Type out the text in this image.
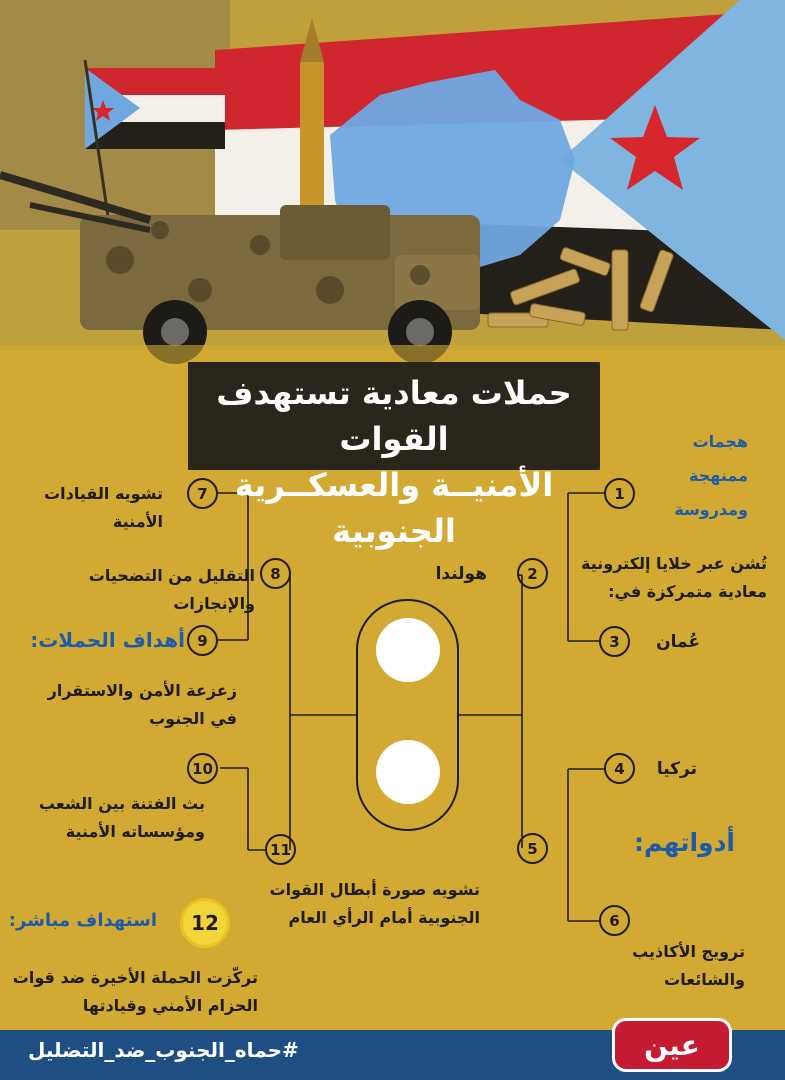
حملات معادية تستهدف القوات
الأمنيــة والعسكــرية الجنوبية
هجمات
ممنهجة
ومدروسة
1
2
3
4
5
6
هولندا
عُمان
تركيا
تُشن عبر خلايا إلكترونية
معادية متمركزة في:
أدواتهم:
ترويج الأكاذيب
والشائعات
7
8
9
10
11
12
تشويه القيادات
الأمنية
التقليل من التضحيات
والإنجازات
أهداف الحملات:
زعزعة الأمن والاستقرار
في الجنوب
بث الفتنة بين الشعب
ومؤسساته الأمنية
تشويه صورة أبطال القوات
الجنوبية أمام الرأي العام
استهداف مباشر:
تركّزت الحملة الأخيرة ضد قوات
الحزام الأمني وقيادتها
#حماه_الجنوب_ضد_التضليل	عين
